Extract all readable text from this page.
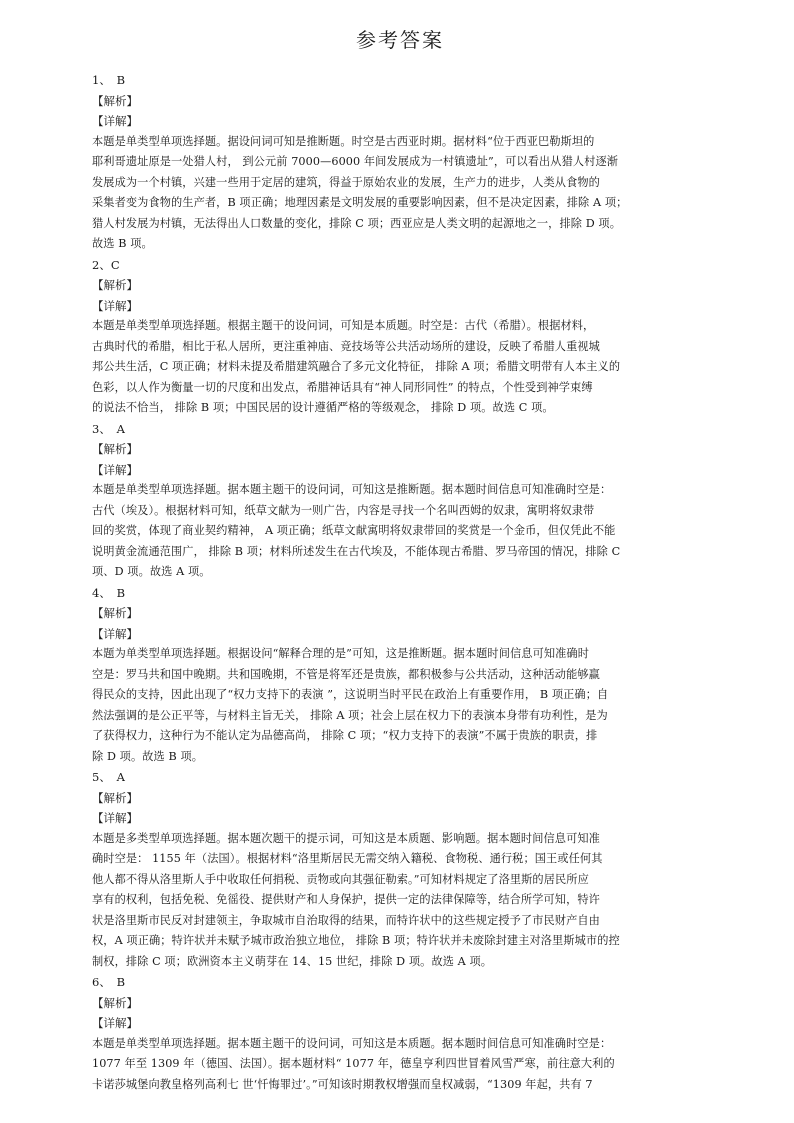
参考答案
1、　B
【解析】
【详解】
本题是单类型单项选择题。据设问词可知是推断题。时空是古西亚时期。据材料“位于西亚巴勒斯坦的
耶利哥遗址原是一处猎人村， 到公元前 7000—6000 年间发展成为一村镇遗址”，可以看出从猎人村逐渐
发展成为一个村镇，兴建一些用于定居的建筑，得益于原始农业的发展，生产力的进步，人类从食物的
采集者变为食物的生产者，B 项正确；地理因素是文明发展的重要影响因素，但不是决定因素，排除 A 项；
猎人村发展为村镇，无法得出人口数量的变化，排除 C 项；西亚应是人类文明的起源地之一，排除 D 项。
故选 B 项。
2、C
【解析】
【详解】
本题是单类型单项选择题。根据主题干的设问词，可知是本质题。时空是：古代（希腊）。根据材料，
古典时代的希腊，相比于私人居所，更注重神庙、竞技场等公共活动场所的建设，反映了希腊人重视城
邦公共生活，C 项正确；材料未提及希腊建筑融合了多元文化特征， 排除 A 项；希腊文明带有人本主义的
色彩，以人作为衡量一切的尺度和出发点，希腊神话具有“神人同形同性” 的特点，个性受到神学束缚
的说法不恰当， 排除 B 项；中国民居的设计遵循严格的等级观念， 排除 D 项。故选 C 项。
3、　A
【解析】
【详解】
本题是单类型单项选择题。据本题主题干的设问词，可知这是推断题。据本题时间信息可知准确时空是：
古代（埃及）。根据材料可知，纸草文献为一则广告，内容是寻找一个名叫西姆的奴隶，寓明将奴隶带
回的奖赏，体现了商业契约精神， A 项正确；纸草文献寓明将奴隶带回的奖赏是一个金币，但仅凭此不能
说明黄金流通范围广， 排除 B 项；材料所述发生在古代埃及，不能体现古希腊、罗马帝国的情况，排除 C
项、D 项。故选 A 项。
4、　B
【解析】
【详解】
本题为单类型单项选择题。根据设问“解释合理的是”可知，这是推断题。据本题时间信息可知准确时
空是：罗马共和国中晚期。共和国晚期，不管是将军还是贵族，都积极参与公共活动，这种活动能够赢
得民众的支持，因此出现了“权力支持下的表演 ”，这说明当时平民在政治上有重要作用， B 项正确；自
然法强调的是公正平等，与材料主旨无关， 排除 A 项；社会上层在权力下的表演本身带有功利性，是为
了获得权力，这种行为不能认定为品德高尚， 排除 C 项；“权力支持下的表演”不属于贵族的职责，排
除 D 项。故选 B 项。
5、　A
【解析】
【详解】
本题是多类型单项选择题。据本题次题干的提示词，可知这是本质题、影响题。据本题时间信息可知准
确时空是： 1155 年（法国）。根据材料“洛里斯居民无需交纳入籍税、食物税、通行税；国王或任何其
他人都不得从洛里斯人手中收取任何捐税、贡物或向其强征勒索。”可知材料规定了洛里斯的居民所应
享有的权利，包括免税、免徭役、提供财产和人身保护，提供一定的法律保障等，结合所学可知，特许
状是洛里斯市民反对封建领主，争取城市自治取得的结果，而特许状中的这些规定授予了市民财产自由
权，A 项正确；特许状并未赋予城市政治独立地位， 排除 B 项；特许状并未废除封建主对洛里斯城市的控
制权，排除 C 项；欧洲资本主义萌芽在 14、15 世纪，排除 D 项。故选 A 项。
6、　B
【解析】
【详解】
本题是单类型单项选择题。据本题主题干的设问词，可知这是本质题。据本题时间信息可知准确时空是：
1077 年至 1309 年（德国、法国）。据本题材料“ 1077 年，德皇亨利四世冒着风雪严寒，前往意大利的
卡诺莎城堡向教皇格列高利七 世‘忏悔罪过’。”可知该时期教权增强而皇权减弱，“1309 年起，共有 7
